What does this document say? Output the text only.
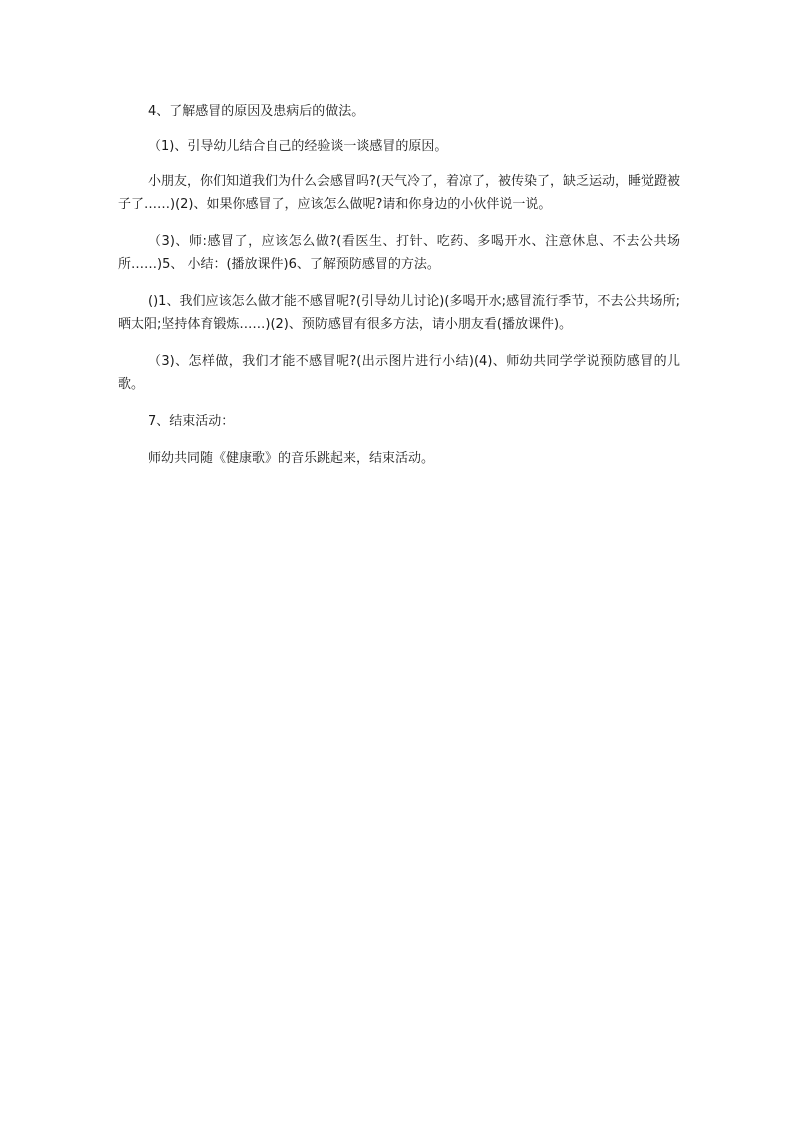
4、了解感冒的原因及患病后的做法。

（1)、引导幼儿结合自己的经验谈一谈感冒的原因。

小朋友，你们知道我们为什么会感冒吗?(天气冷了，着凉了，被传染了，缺乏运动，睡觉蹬被子了……)(2)、如果你感冒了，应该怎么做呢?请和你身边的小伙伴说一说。

（3)、师:感冒了，应该怎么做?(看医生、打针、吃药、多喝开水、注意休息、不去公共场所……)5、 小结：(播放课件)6、了解预防感冒的方法。

()1、我们应该怎么做才能不感冒呢?(引导幼儿讨论)(多喝开水;感冒流行季节，不去公共场所;晒太阳;坚持体育锻炼……)(2)、预防感冒有很多方法，请小朋友看(播放课件)。

（3)、怎样做，我们才能不感冒呢?(出示图片进行小结)(4)、师幼共同学学说预防感冒的儿歌。

7、结束活动：

师幼共同随《健康歌》的音乐跳起来，结束活动。
